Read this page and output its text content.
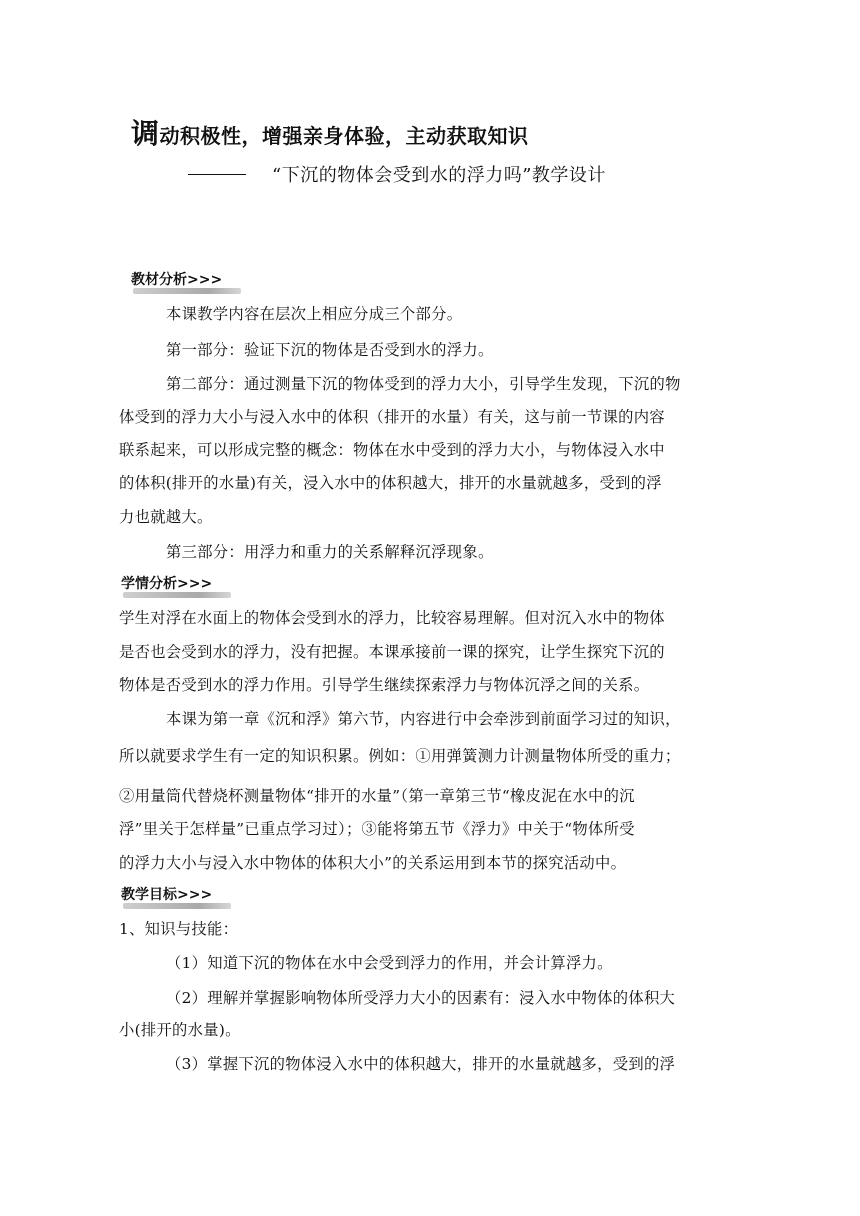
调动积极性，增强亲身体验，主动获取知识
“下沉的物体会受到水的浮力吗”教学设计
教材分析>>>
本课教学内容在层次上相应分成三个部分。
第一部分：验证下沉的物体是否受到水的浮力。
第二部分：通过测量下沉的物体受到的浮力大小，引导学生发现，下沉的物
体受到的浮力大小与浸入水中的体积（排开的水量）有关，这与前一节课的内容
联系起来，可以形成完整的概念：物体在水中受到的浮力大小，与物体浸入水中
的体积(排开的水量)有关，浸入水中的体积越大，排开的水量就越多，受到的浮
力也就越大。
第三部分：用浮力和重力的关系解释沉浮现象。
学情分析>>>
学生对浮在水面上的物体会受到水的浮力，比较容易理解。但对沉入水中的物体
是否也会受到水的浮力，没有把握。本课承接前一课的探究，让学生探究下沉的
物体是否受到水的浮力作用。引导学生继续探索浮力与物体沉浮之间的关系。
本课为第一章《沉和浮》第六节，内容进行中会牵涉到前面学习过的知识，
所以就要求学生有一定的知识积累。例如：①用弹簧测力计测量物体所受的重力；
②用量筒代替烧杯测量物体“排开的水量”（第一章第三节“橡皮泥在水中的沉
浮”里关于怎样量”已重点学习过）；③能将第五节《浮力》中关于“物体所受
的浮力大小与浸入水中物体的体积大小”的关系运用到本节的探究活动中。
教学目标>>>
1、知识与技能：
（1）知道下沉的物体在水中会受到浮力的作用，并会计算浮力。
（2）理解并掌握影响物体所受浮力大小的因素有：浸入水中物体的体积大
小(排开的水量)。
（3）掌握下沉的物体浸入水中的体积越大，排开的水量就越多，受到的浮
